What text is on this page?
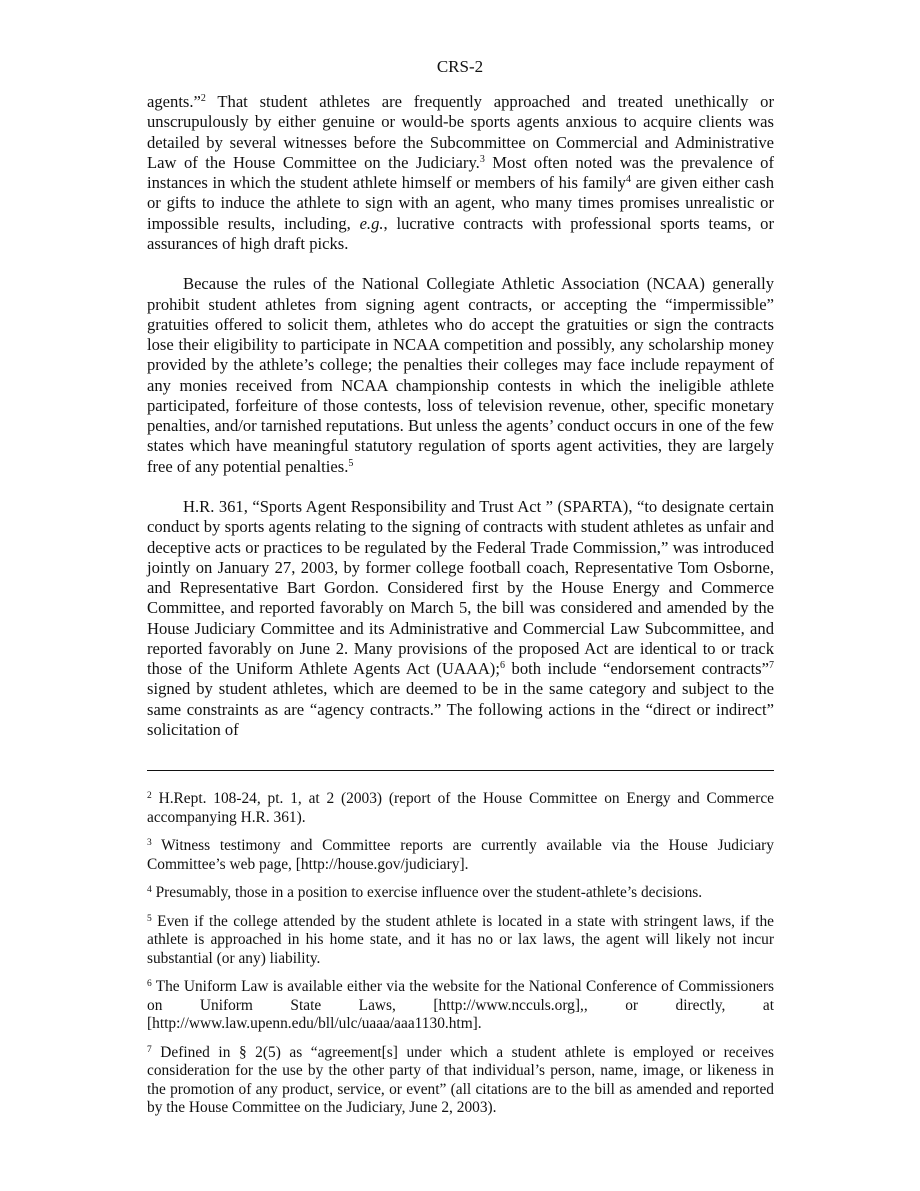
CRS-2

agents.”$^2$ That student athletes are frequently approached and treated unethically or unscrupulously by either genuine or would-be sports agents anxious to acquire clients was detailed by several witnesses before the Subcommittee on Commercial and Administrative Law of the House Committee on the Judiciary.$^3$ Most often noted was the prevalence of instances in which the student athlete himself or members of his family$^4$ are given either cash or gifts to induce the athlete to sign with an agent, who many times promises unrealistic or impossible results, including, e.g., lucrative contracts with professional sports teams, or assurances of high draft picks.

Because the rules of the National Collegiate Athletic Association (NCAA) generally prohibit student athletes from signing agent contracts, or accepting the “impermissible” gratuities offered to solicit them, athletes who do accept the gratuities or sign the contracts lose their eligibility to participate in NCAA competition and possibly, any scholarship money provided by the athlete’s college; the penalties their colleges may face include repayment of any monies received from NCAA championship contests in which the ineligible athlete participated, forfeiture of those contests, loss of television revenue, other, specific monetary penalties, and/or tarnished reputations. But unless the agents’ conduct occurs in one of the few states which have meaningful statutory regulation of sports agent activities, they are largely free of any potential penalties.$^5$

H.R. 361, “Sports Agent Responsibility and Trust Act ” (SPARTA), “to designate certain conduct by sports agents relating to the signing of contracts with student athletes as unfair and deceptive acts or practices to be regulated by the Federal Trade Commission,” was introduced jointly on January 27, 2003, by former college football coach, Representative Tom Osborne, and Representative Bart Gordon. Considered first by the House Energy and Commerce Committee, and reported favorably on March 5, the bill was considered and amended by the House Judiciary Committee and its Administrative and Commercial Law Subcommittee, and reported favorably on June 2. Many provisions of the proposed Act are identical to or track those of the Uniform Athlete Agents Act (UAAA);$^6$ both include “endorsement contracts”$^7$ signed by student athletes, which are deemed to be in the same category and subject to the same constraints as are “agency contracts.” The following actions in the “direct or indirect” solicitation of

$^2$ H.Rept. 108-24, pt. 1, at 2 (2003) (report of the House Committee on Energy and Commerce accompanying H.R. 361).

$^3$ Witness testimony and Committee reports are currently available via the House Judiciary Committee’s web page, [http://house.gov/judiciary].

$^4$ Presumably, those in a position to exercise influence over the student-athlete’s decisions.

$^5$ Even if the college attended by the student athlete is located in a state with stringent laws, if the athlete is approached in his home state, and it has no or lax laws, the agent will likely not incur substantial (or any) liability.

$^6$ The Uniform Law is available either via the website for the National Conference of Commissioners on Uniform State Laws, [http://www.ncculs.org],, or directly, at [http://www.law.upenn.edu/bll/ulc/uaaa/aaa1130.htm].

$^7$ Defined in § 2(5) as “agreement[s] under which a student athlete is employed or receives consideration for the use by the other party of that individual’s person, name, image, or likeness in the promotion of any product, service, or event” (all citations are to the bill as amended and reported by the House Committee on the Judiciary, June 2, 2003).
